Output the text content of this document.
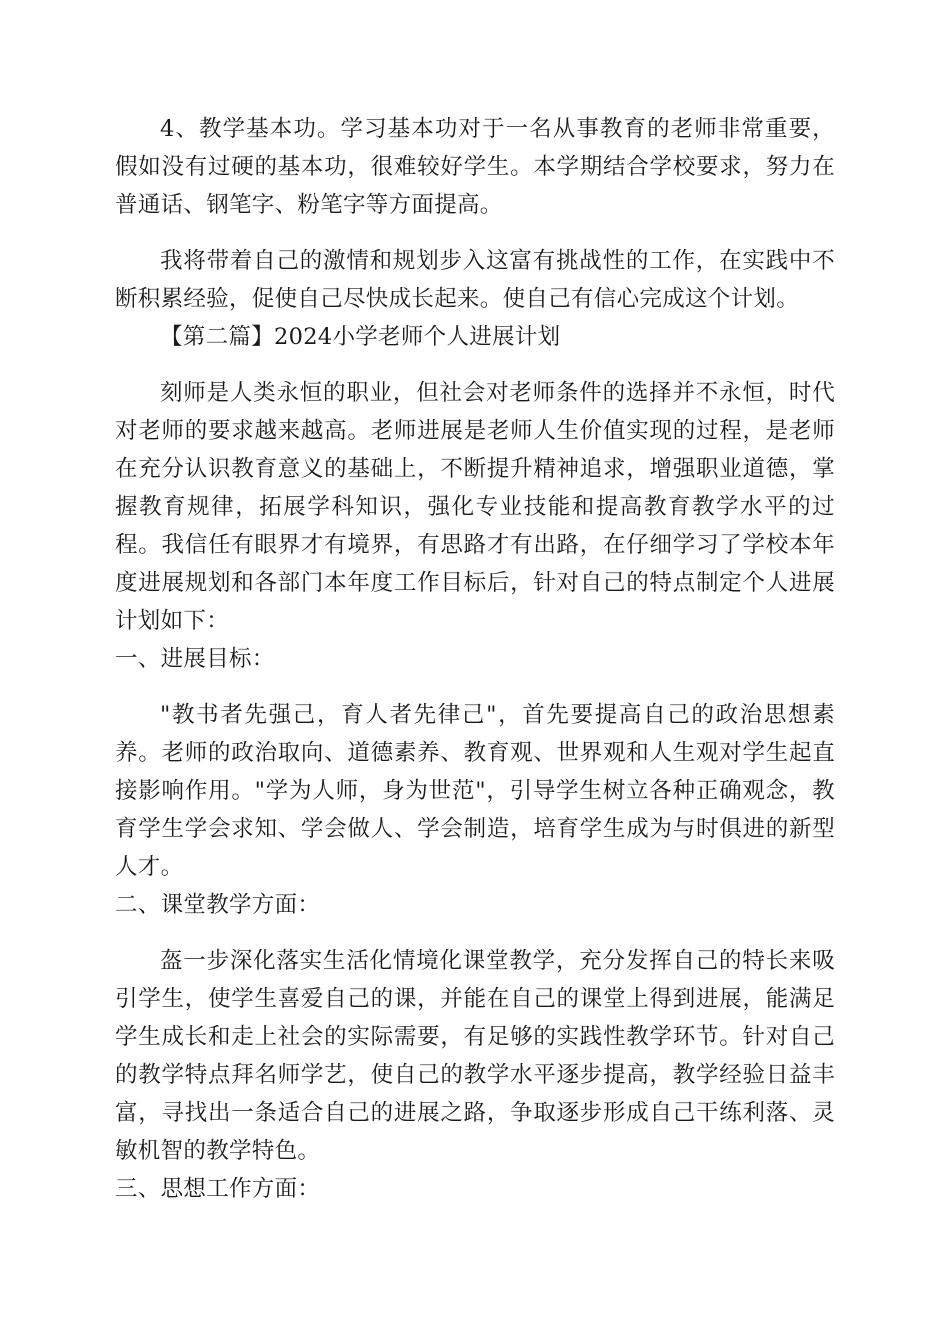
4、教学基本功。学习基本功对于一名从事教育的老师非常重要，假如没有过硬的基本功，很难较好学生。本学期结合学校要求，努力在普通话、钢笔字、粉笔字等方面提高。

我将带着自己的激情和规划步入这富有挑战性的工作，在实践中不断积累经验，促使自己尽快成长起来。使自己有信心完成这个计划。

【第二篇】2024小学老师个人进展计划

刻师是人类永恒的职业，但社会对老师条件的选择并不永恒，时代对老师的要求越来越高。老师进展是老师人生价值实现的过程，是老师在充分认识教育意义的基础上，不断提升精神追求，增强职业道德，掌握教育规律，拓展学科知识，强化专业技能和提高教育教学水平的过程。我信任有眼界才有境界，有思路才有出路，在仔细学习了学校本年度进展规划和各部门本年度工作目标后，针对自己的特点制定个人进展计划如下：

一、进展目标：

"教书者先强己，育人者先律己"，首先要提高自己的政治思想素养。老师的政治取向、道德素养、教育观、世界观和人生观对学生起直接影响作用。"学为人师，身为世范"，引导学生树立各种正确观念，教育学生学会求知、学会做人、学会制造，培育学生成为与时俱进的新型人才。

二、课堂教学方面：

盔一步深化落实生活化情境化课堂教学，充分发挥自己的特长来吸引学生，使学生喜爱自己的课，并能在自己的课堂上得到进展，能满足学生成长和走上社会的实际需要，有足够的实践性教学环节。针对自己的教学特点拜名师学艺，使自己的教学水平逐步提高，教学经验日益丰富，寻找出一条适合自己的进展之路，争取逐步形成自己干练利落、灵敏机智的教学特色。

三、思想工作方面：
